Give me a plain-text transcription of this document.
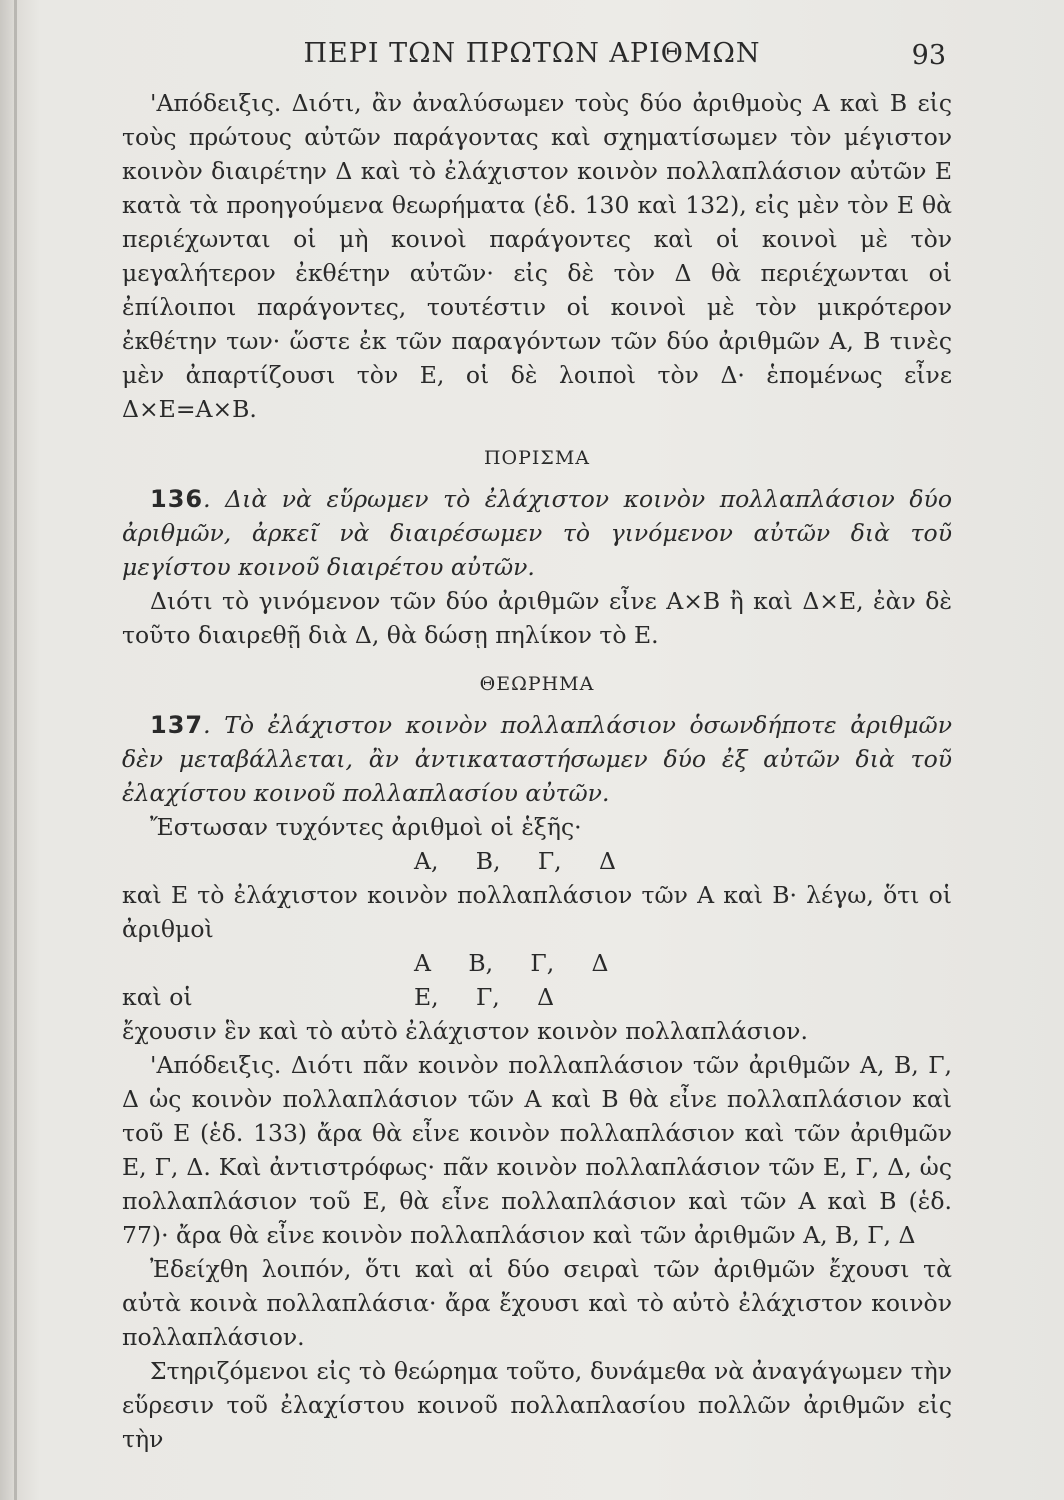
ΠΕΡΙ ΤΩΝ ΠΡΩΤΩΝ ΑΡΙΘΜΩΝ	93

'Απόδειξις. Διότι, ἂν ἀναλύσωμεν τοὺς δύο ἀριθμοὺς Α καὶ Β εἰς τοὺς πρώτους αὐτῶν παράγοντας καὶ σχηματίσωμεν τὸν μέγιστον κοινὸν διαιρέτην Δ καὶ τὸ ἐλάχιστον κοινὸν πολλαπλάσιον αὐτῶν Ε κατὰ τὰ προηγούμενα θεωρήματα (ἑδ. 130 καὶ 132), εἰς μὲν τὸν Ε θὰ περιέχωνται οἱ μὴ κοινοὶ παράγοντες καὶ οἱ κοινοὶ μὲ τὸν μεγαλήτερον ἐκθέτην αὐτῶν· εἰς δὲ τὸν Δ θὰ περιέχωνται οἱ ἐπίλοιποι παράγοντες, τουτέστιν οἱ κοινοὶ μὲ τὸν μικρότερον ἐκθέτην των· ὥστε ἐκ τῶν παραγόντων τῶν δύο ἀριθμῶν Α, Β τινὲς μὲν ἀπαρτίζουσι τὸν Ε, οἱ δὲ λοιποὶ τὸν Δ· ἑπομένως εἶνε Δ×Ε=Α×Β.

ΠΟΡΙΣΜΑ

136. Διὰ νὰ εὕρωμεν τὸ ἐλάχιστον κοινὸν πολλαπλάσιον δύο ἀριθμῶν, ἀρκεῖ νὰ διαιρέσωμεν τὸ γινόμενον αὐτῶν διὰ τοῦ μεγίστου κοινοῦ διαιρέτου αὐτῶν.

Διότι τὸ γινόμενον τῶν δύο ἀριθμῶν εἶνε Α×Β ἢ καὶ Δ×Ε, ἐὰν δὲ τοῦτο διαιρεθῇ διὰ Δ, θὰ δώσῃ πηλίκον τὸ Ε.

ΘΕΩΡΗΜΑ

137. Τὸ ἐλάχιστον κοινὸν πολλαπλάσιον ὁσωνδήποτε ἀριθμῶν δὲν μεταβάλλεται, ἂν ἀντικαταστήσωμεν δύο ἐξ αὐτῶν διὰ τοῦ ἐλαχίστου κοινοῦ πολλαπλασίου αὐτῶν.

Ἔστωσαν τυχόντες ἀριθμοὶ οἱ ἑξῆς·

Α,     Β,     Γ,     Δ

καὶ Ε τὸ ἐλάχιστον κοινὸν πολλαπλάσιον τῶν Α καὶ Β· λέγω, ὅτι οἱ ἀριθμοὶ

Α     Β,     Γ,     Δ
καὶ οἱ	Ε,     Γ,     Δ

ἔχουσιν ἓν καὶ τὸ αὐτὸ ἐλάχιστον κοινὸν πολλαπλάσιον.

'Απόδειξις. Διότι πᾶν κοινὸν πολλαπλάσιον τῶν ἀριθμῶν Α, Β, Γ, Δ ὡς κοινὸν πολλαπλάσιον τῶν Α καὶ Β θὰ εἶνε πολλαπλάσιον καὶ τοῦ Ε (ἑδ. 133) ἄρα θὰ εἶνε κοινὸν πολλαπλάσιον καὶ τῶν ἀριθμῶν Ε, Γ, Δ. Καὶ ἀντιστρόφως· πᾶν κοινὸν πολλαπλάσιον τῶν Ε, Γ, Δ, ὡς πολλαπλάσιον τοῦ Ε, θὰ εἶνε πολλαπλάσιον καὶ τῶν Α καὶ Β (ἑδ. 77)· ἄρα θὰ εἶνε κοινὸν πολλαπλάσιον καὶ τῶν ἀριθμῶν Α, Β, Γ, Δ

Ἐδείχθη λοιπόν, ὅτι καὶ αἱ δύο σειραὶ τῶν ἀριθμῶν ἔχουσι τὰ αὐτὰ κοινὰ πολλαπλάσια· ἄρα ἔχουσι καὶ τὸ αὐτὸ ἐλάχιστον κοινὸν πολλαπλάσιον.

Στηριζόμενοι εἰς τὸ θεώρημα τοῦτο, δυνάμεθα νὰ ἀναγάγωμεν τὴν εὕρεσιν τοῦ ἐλαχίστου κοινοῦ πολλαπλασίου πολλῶν ἀριθμῶν εἰς τὴν
